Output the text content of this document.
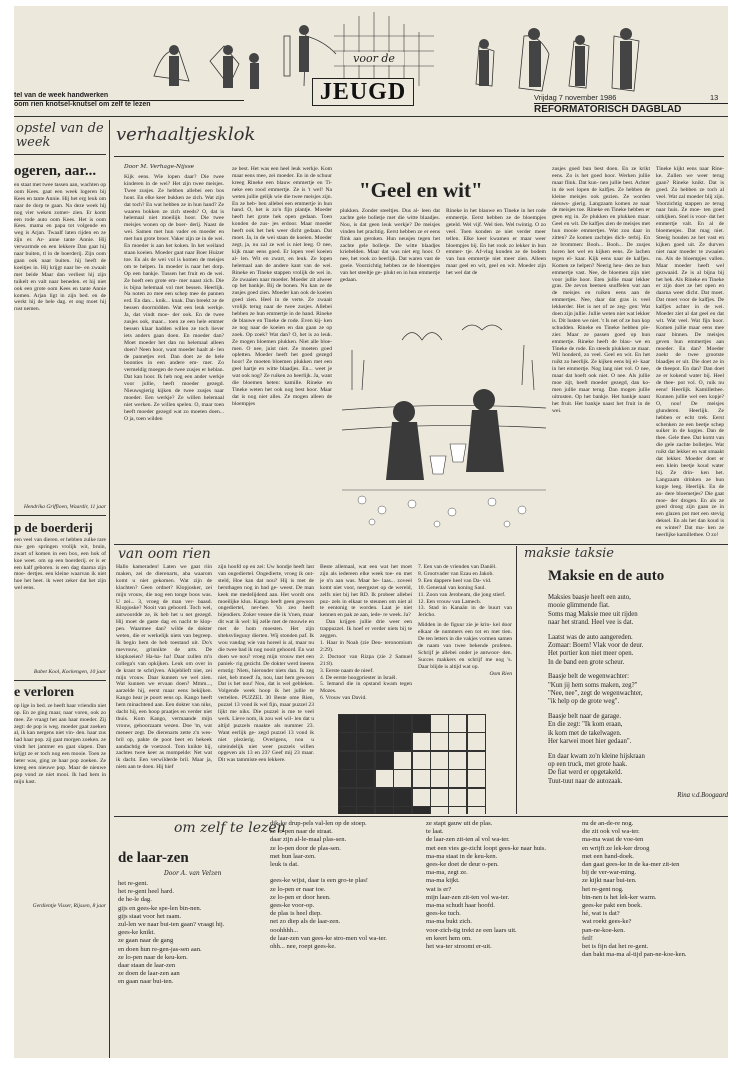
voor de
JEUGD
tel van de week handwerken
oom rien knotsel-knutsel om zelf te lezen
Vrijdag 7 november 1986	13
REFORMATORISCH DAGBLAD
opstel van de week
ogeren, aar...
en staat met twee tassen aan, wachten op oom Kees. gaat een week logeren bij Kees en tante Annie. Hij het erg leuk om naar de dorp te gaan. Na deze week hij nog vier weken zomer- zien. Er komt een rode auto oom Kees. Het is oom Kees. mama en papa tot volgende en weg is Arjan. Twaalf laten rijden en ze zijn er. Ar- anne tante Annie. Hij verwarmde en een lekkere Dan gaat hij naar buiten, tl in de boerderij. Zijn oom gaan ook naar buiten. hij heeft de koeitjes in. Hij krijgt naar be- en zwaait met beide Maar dan verliest hij zijn tuikelt en valt naar beneden. et hij niet ook een grote oom Kees en tante Annie komen. Arjan ligt in zijn bed. en de werkt hij de hele dag. et ong moet hij rust nemen.
Hendrika Griffioen, Waardir, 11 jaar
p de boerderij
een veel van dieren. er hebben zulke rare ma- gen springen vrolijk wit, bruin, zwart of komen in een box, een hok of koe weet. om op een boerderij. er is er een kalf geboren. is een dag daarna zijn moe- dertjes. een kleine waarvan ik niet hoe het heet. ik weet zeker dat het zijn wel eens.
Babet Kool, Kockengen, 10 jaar
e verloren
op lige in bed. ze heeft haar vriendin niet op. En ze ging maar, naar voren, ook zo mee. Ze vraagt het aan haar moeder. Zij zegt: de pop is weg. moeder gaat zoeken al, ik kan nergens niet vin- den. haar zus had haar pop. zij gaat morgen zoeken. ze vindt het jammer en gaat slapen. Dan krijgt ze er toch nog een mooie. Toen ze beter was, ging ze haar pop zoeken. Ze kreeg een nieuwe pop. Maar de nieuwe pop vond ze niet mooi. Ik had hem in mijn kast.
Gerdientje Visser, Rijssen, 8 jaar
verhaaltjesklok
Door M. Verhage-Nijsse
Kijk eens. Wie lopen daar? Die twee kinderen in de wei? Het zijn twee meisjes. Twee zusjes. Ze hebben allebei een bos hout. En elke keer bukken ze zich. Wat zijn dat toch? En wat hebben ze in hun hand? Ze waaren bokken ze zich steeds? O, dat is helemaal niet moeilijk hoor. Die twee meisjes wonen op de boer- derij. Naast de wei. Samen met hun vader en moeder en met hun grote broer. Vaker zijn ze in de wei. En moeder is aan het koken. In het weiland staan koeien. Moeder gaat naar Boer Huizer toe. En als de wei vol is komen de meisjes om te helpen. In moeder is naar het dorp. Op een bankje. Tussen het fruit en de wei. Ze hoeft een grote em- mer naast zich. Die is bijna helemaal vol met bessen. Heerlijk. Na noten zo mee een schep mee de pannen erd. En dan... knik... knak. Dan breekt ze de bessen doormidden. Wat een leuk werkje. Ja, dat vindt moe- der ook. En de twee zusjes ook, maar... toen ze een hele emmer bessen klaar hadden willen ze toch liever iets anders gaan doen. En moeder dan? Moet moeder het dan nu helemaal alleen doen? Neen hoor, want moeder haalt al- len de pannetjes erd. Dan doet ze de hele boonties in een andere em- mer. Zo vermeldig moegen de twee zusjes er heblan. Dat kan hoor. Ik heb nog een ander werkje voor jullie, heeft moeder gezegd. Nieuwsgierig kijken de twee zusjes naar moeder. Een werkje? Ze willen helemaal niet werken. Ze willen spelen. O, maar toen heeft moeder gezegd wat zo moeten doen... O ja, toen wilden
ze best. Het was een heel leuk werkje. Kom maar eens mee, zei moeder. En in de schuur kreeg Rineke een blauw emmertje en Ti- neke een rood emmertje. Ze is 't wel! Na weten jullie gelijk wie die twee meisjes zijn. En ze heb- ben allebei een emmertje in hun hand. O, het is zo'n fijn plantje. Moeder heeft het grote hek open gedaan. Toen konden de zus- jes erdoor. Maar moeder heeft ook het hek weer dicht gedaan. Dat moet. Ja, in de wei staan de koeien. Moeder zegt, ja, nu zal ze wel is niet leeg. O nee, kijk maar eens goed. Er lopen veel koeien al- len. Wit en zwart, en leuk. Ze lopen helemaal aan de andere kant van de wei. Rineke en Tineke stappen vrolijk de wei in. Ze zwaaien naar moeder. Moeder zit alweer op het bankje. Bij de bonen. Nu kan ze de zusjes goed zien. Moeder kan ook de koeien goed zien. Heel in de verte. Ze zwaait vrolijk terug naar de twee zusjes. Allebei hebben ze hun emmertje in de hand. Rineke de blauwe en Tineke de rode. Even kij- ken ze nog naar de koeien en dan gaan ze op zoek. Op zoek? Wat dan? O, het is zo leuk. Ze mogen bloemen plukken. Niet alle bloe- men. O nee, juist niet. Ze moeten goed opletten. Moeder heeft het goed gezegd hoor! Ze moeten bloemen plukken met een geel hartje en witte blaadjes. En... weet je wat ook nog? Ze ruiken zo heerlijk. Ja, want die bloemen heten: kamille. Rineke en Tineke weten het ook nog best hoor. Maar dat is nog niet alles. Ze mogen alleen de bloempjes
"Geel en wit"
plukken. Zonder steeltjes. Dus al- leen dat zachte gele bolletje met die witte blaadjes. Nou, is dat geen leuk werkje? De meisjes vinden het prachtig. Eerst hebben ze er eens flink aan geroken. Hun neusjes tegen het zachte gele bolletje. De witte blaadjes kriebelden. Maar dat was niet erg hoor. O nee, het rook zo heerlijk. Dat waren vast de goeie. Voorzichtig hebben ze de bloempjes van het steeltje ge- plukt en in hun emmertje gedaan.
Rineke in het blauwe en Tineke in het rode emmertje. Eerst hebben ze de bloempjes geteld. Wel vijf. Wel tien. Wel twintig. O zo veel. Toen konden ze niet verder meer tellen. Elke keer kwamen er maar weer bloempjes bij. En het rook zo lekker in hun emmer- tje. Af-vlug konden ze de bodem van hun emmertje niet meer zien. Alleen maar geel en wit, geel en wit. Moeder zijn het wel dat de
zusjes goed bun best doen. En ze krikt eens. Zo is het goed hoor. Werken jullie maar flink. Dat kun- nen jullie best. Achter in de wei lopen de kalfjes. Ze hebben de kleine meisjes ook gezien. Ze worden nieuws- gierig. Langzaam komen ze naar de meisjes toe. Rineke en Tineke hebben er geen erg in. Ze plukken en plukken maar. Geel en wit. De kalfjes zien de meisjes met hun mooie emmertjes. Wat zou daar in zitten? Ze komen zachtjes dich- terbij. En ze brommen: Booh... Booh... De zusjes horen het wel en kijken eens. Ze lachen tegen el- kaar. Kijk eens naar de kalfjes. Komen ze helpen? Neerig heu- den ze hun emmertje vast. Nee, de bloemen zijn niet voor jullie hoor. Eten jullie maar lekker gras. De zevon beetsen snuffelen wat aan de meisjes en ruiken eens aan de emmertjes. Nee, daar dat gras is veel lekkerder. Het is net of ze zeg- gen: Wat doen zijn jullie. Jullie weten niet wat lekker is. Dit lusten we niet. 't Is net of ze hun kop schudden. Rineke en Tineke hebben ple- zier. Maar ze passen goed op hun emmertje. Rineke heeft de blau- we en Tineke de rode. En steeds plukken ze maar. Wil honderd, zo veel. Geel en wit. En het ruikt zo heerlijk. Ze kijken eens bij el- kaar in het emmertje. Nog lang niet vol. O nee, maar dat hoeft ook niet. O nee. Als jullie moe zijt, heeft moeder gezegd, dan ko- men jullie maar terug. Dan mogen jullie uitrusten. Op het bankje. Het bankje naast het fruit. Het bankje naast het fruit in de wei.
Tineke kijkt eens naar Rine- ke. Zullen we weer terug gaan? Rineke knikt. Dat is goed. Zo hebben ze toch al veel. Wat zal moeder blij zijn. Voorzichtig stappen ze terug naar huis. Ze moe- ten goed uitkijken. Snel is voor- dat het emmertje valt. En al de bloemenjes. Dat mag niet. Steeig houden ze het vast en kijken goed uit. Ze durven niet naar moeder te zwaaien nu. Als de bloempjes vallen. Maar moeder heeft wel gezwaaid. Ze is al bijna bij het hek. Als Rineke en Tineke er zijn doet ze het open en daarna weer dicht. Dat moet. Dat moet voor de kalfjes. De kalfjes achter in de wei. Moeder ziet al dat geel en dat wit. Wat veel. Wat fijn hoor. Komen jullie maar eens mee naar binnen. De meisjes geven hun emmertjes aan moeder. En dan? Moeder zoekt de twee grootste blaadjes er uit. Die doet ze in de theepot. En dan? Dan doet ze er kokend water bij. Heel de thee- pot vol. O, ruik nu eens! Heerlijk. Kamillethee. Kunnen jullie wel een kopje? O, nou! De meisjes glunderen. Heerlijk. Ze hebben er echt trek. Eerst schenken ze een beetje schep suiker in de kopjes. Dan de thee. Gele thee. Dat komt van die gele zachte bolletjes. Wat ruikt dat lekker en wat smaakt dat lekker. Moeder doet er een klein beetje koud water bij. Ze drin- ken het. Langzaam drinken ze hun kopje leeg. Heerlijk. En de an- dere bloemetjes? Die gaat moe- der drogen. En als ze goed droog zijn gaan ze in een glazen pot met een stevig deksel. En als het dan koud is en winter? Dat ma- ken ze heerlijke kamillethee. O zo!
van oom rien
Hallo kameraden! Laten we gaat riin maken, zei de dierenarts, aba waarom komt u niet gekomen. Wat zijn de klachten? Geen ordnet? Klopjosker, zei mijn vrouw, die nog een tonge boos was. U zei... 3, vroeg de man ver- baasd. Klopjoske? Nooit van gehoord. Toch wel, antwoordde ze, ik heb het u net gezegd. Hij moet de gaste dag en nacht te klop- pen. Waarmee dan? wilde de dokter weten, die er werkelijk niets van begreep. Ik begin hem de heb toestand uit. Do's mevrouw, grinnikte de arts. De klopkoeien? Ha-ha- ha! Daar zullen m'n collega's van opkijken. Leuk om over in de krant te schrijven. Alsjeblieft niet, zei mijn vrouw. Daar kunnen we wel zien. Wat kunnen we ervaan doen? Mmm..., aarzelde hij, eerst maar eens bekijken. Kango hear je poort eens op. Kango heeft hem minachtend aan. Een dokter van niks, dacht hij, een hoop praatjes en verder niet thuis. Kom Kango, vermaande mijn vrouw, gehoorzaam wezen. Doe 'm, wat meneer zegt. De dierenarts zette z'n wes- bril op, pakte de poot beet en bekeek aandachtig de voetzool. Tom knikte hij, zachtes twee keer as mompelde: Net wat ik dacht. Een verwilderde bril. Maar ja, niets aan te doen. Hij hief
zijn hoofd op en zei: Uw hondje heeft last van ongediertel. Ongedierte, vroeg ik ont- steld, Hoe kan dat nou? Hij is met de hersthagen nog in bad ge- weest. De man keek me medelijdend aan. Het wordt ons moeilijke klus. Kango heeft geen gewoon ongediertel, ner-hee. Va zeo heeft bijendiers. Zoker vessee die ik 's'nen, maar dit wat ik wel: hij zelle met de mouwle en met de hom moesten. Het zijn slteksvlieguuy dierten. Wij stonden paf. Ik wou vandag wie van horeel is al, maar nu die twee bad ik nog nooit gehoord. En wat doen we nou? vroeg mijn vrouw met een paniek- rig gezicht. De dokter werd ineens ernstig: Niets, hieronder niets dan. Ik zeg niet, heb moed! Ja, nou, laat hem gewoon Dat is het nou! Nou, dat is wel gebleken. Volgende week hoop ik het jullie te vertellen. PUZZEL 30 Beste ome Rien, puzzel 13 vond ik wel fijn, maar puzzel 23 lijkt me niks. Die puzzel is me te veel werk. Lieve nom, ik zou wel wil- len dat u altijd puzzels maakte als nummer 23. Want eerlijk ge- zegd puzzel 13 vond ik niet plezierig. Overigens, nou u uiteindelijk niet weer puzzels willen opgeven als 13 en 23? Geef mij 23 maar. Dit was tammiste een lekkere.
Beste allemaal, wat een wat het moet zijn als iedereen elke week toe- en met je n'n aan was. Maar he- laas... zoveel komt niet voor, neergezet op de wereld, zelfs niet bij het RD. Ik probeer allebei puz- zels in elkaar te steunen om niet al te eentonig te worden. Laat je niet kennen en pak ze aan, iede- re week. Ja?
Dan krijgen jullie drie weer een trappuzzel. Ik hoef er verder niets bij te zeggen.
1. Haar in Noah (zie Deu- teronomium 2:29).
2. Doctoor van Rizpa (zie 2 Samuel 21:8).
3. Eerste naam de nieef.
4. De eerste hoogpriester in Israël.
5. Iemand die in opstand kwam tegen Mozes.
6. Vrouw van David.
7. Een van de vrienden van Daniël.
8. Grootvader van Ezau en Jakob.
9. Een dappere heel van Da- vid.
10. Generaal van koning Saul.
11. Zoon van Jerobeam, die jong stierf.
12. Een vrouw van Lamech.
13. Stad in Kanaän in de buurt van Jericho.
Midden in de figuur zie je krin- kel door elkaar de nummers een tot en met tien. De ten letters in die vakjes vormen samen de naam van twee bekende profeten. Schrijf je allebei onder je antwoor- den. Succes makkers en schrijf me nog 's. Daar blijde is altijd wat op.
Oom Rien
maksie taksie
Maksie en de auto
Maksies baasje heeft een auto,
mooie glimmende fiat.
Soms mag Maksie mee uit rijden
naar het strand. Heel vee is dat.
Laatst was de auto aangereden.
Zomaar: Boem! Vlak voor de deur.
Het portier kon niet meer open.
In de band een grote scheur.
Baasje belt de wegenwachter:
"Kun jij hem soms maken, zeg?"
"Nee, nee", zegt de wegenwachter,
"ik help op de grote weg".
Baasje belt naar de garage.
En die zegt: "Ik kom eraan,
ik kom met de takelwagen.
Her karwei moet hier gedaan".
En daar kwam zo'n kleine hijskraan
op een truck, met grote haak.
De fiat werd er opgetakeld.
Tuut-tuut naar de autozaak.
Rina v.d.Boogaard
om zelf te lezen
de laar-zen
Door A. van Velzen
het re-gent.
het re-gent heel hard.
de he-le dag.
gijs en gees-ke spe-len bin-nen.
gijs staat voor het raam.
zul-len we naar bui-ten gaan? vraagt hij.
gees-ke knikt.
ze gaan naar de gang
en doen hun re-gen-jas-sen aan.
ze lo-pen naar de keu-ken.
daar staan de laar-zen
ze doen de laar-zen aan
en gaan naar bui-ten.
dik-ke drup-pels val-len op de stoep.
ze lo-pen naar de straat.
daar zijn al-le-maal plas-sen.
ze lo-pen door de plas-sen.
met hun laar-zen.
leuk is dat.

gees-ke wijst, daar is een gro-te plas!
ze lo-pen er naar toe.
ze lo-pen er door heen.
gees-ke voor-op.
de plas is heel diep.
net zo diep als de laar-zen.
ooohhhh...
de laar-zen van gees-ke stro-men vol wa-ter.
ohh... nee, roept gees-ke.
ze stapt gauw uit de plas.
te laat.
de laar-zen zit-ten al vol wa-ter.
met een vies ge-zicht loopt gees-ke naar huis.
ma-ma staat in de keu-ken.
gees-ke doet de deur o-pen.
ma-ma, zegt ze.
ma-ma kijkt.
wat is er?
mijn laar-zen zit-ten vol wa-ter.
ma-ma schudt haar hoofd.
gees-ke tuch.
ma-ma bukt zich.
voor-zich-tig trekt ze een laars uit.
en keert hem om.
het wa-ter stroomt er-uit.
nu de an-de-re nog.
die zit ook vol wa-ter.
ma-ma wast de voe-ten
en wrijft ze lek-ker droog
met een hand-doek.
dan gaat gees-ke in de ka-mer zit-ten
bij de ver-war-ming.
ze kijkt naar bui-ten.
het re-gent nog.
bin-nen is het lek-ker warm.
gees-ke pakt een boek.
hé, wat is dat?
wat roekt gees-ke?
pan-ne-koe-ken.
feil!
bet is fijn dat het re-gent.
dan bakt ma-ma al-tijd pan-ne-koe-ken.
